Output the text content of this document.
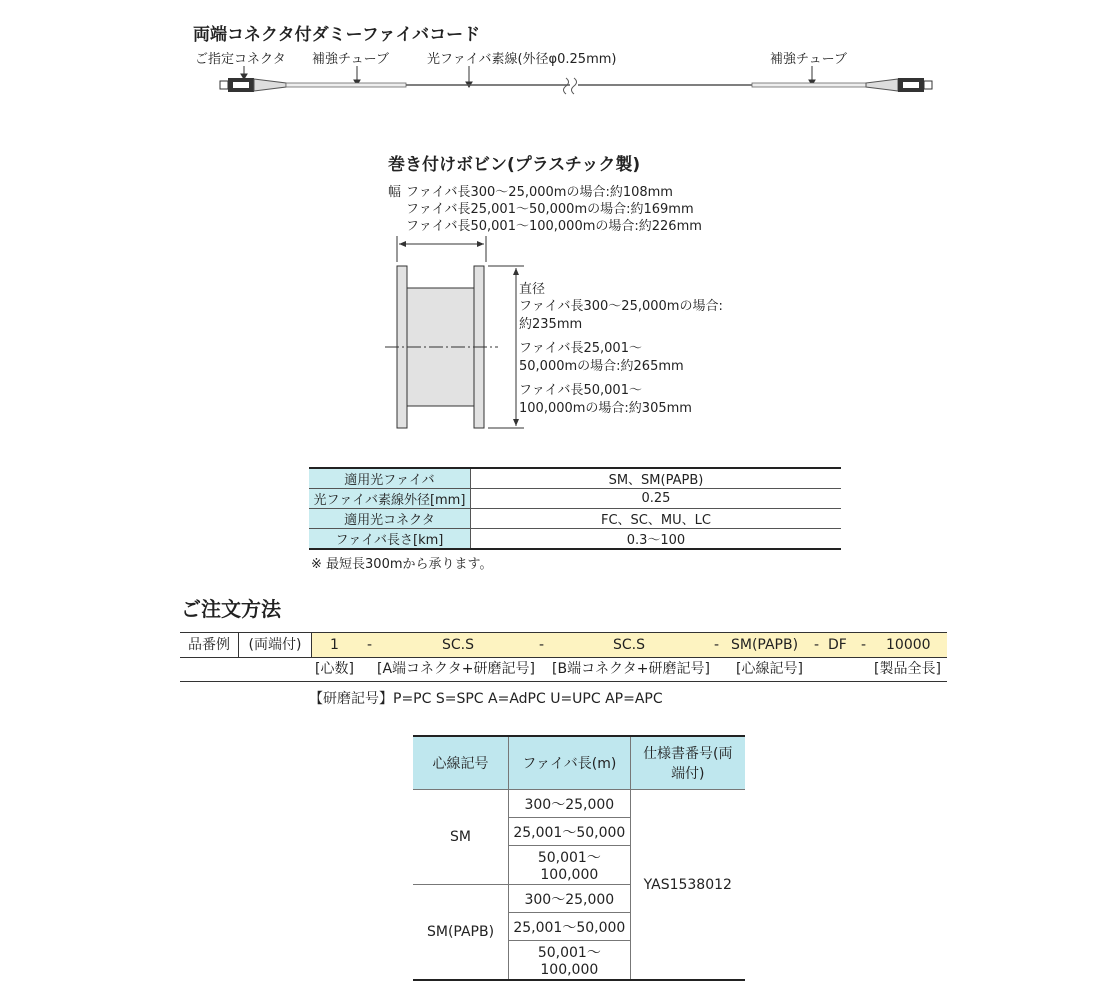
両端コネクタ付ダミーファイバコード
ご指定コネクタ 補強チューブ	光ファイバ素線(外径φ0.25mm)	補強チューブ
巻き付けボビン(プラスチック製)
幅 ファイバ長300〜25,000mの場合:約108mm
ファイバ長25,001〜50,000mの場合:約169mm
ファイバ長50,001〜100,000mの場合:約226mm
直径
ファイバ長300〜25,000mの場合:
約235mm
ファイバ長25,001〜
50,000mの場合:約265mm
ファイバ長50,001〜
100,000mの場合:約305mm
適用光ファイバ	SM、SM(PAPB)
光ファイバ素線外径[mm]	0.25
適用光コネクタ	FC、SC、MU、LC
ファイバ長さ[km]	0.3〜100
※ 最短長300mから承ります。
ご注文方法
品番例	(両端付)	1 -	SC.S	-	SC.S	- SM(PAPB) - DF - 10000
[心数] [A端コネクタ+研磨記号] [B端コネクタ+研磨記号] [心線記号]	[製品全長]
【研磨記号】P=PC S=SPC A=AdPC U=UPC AP=APC
心線記号	ファイバ長(m)	仕様書番号(両端付)
SM	300〜25,000	YAS1538012
	25,001〜50,000	
	50,001〜100,000	
SM(PAPB)	300〜25,000	
	25,001〜50,000	
	50,001〜100,000	
